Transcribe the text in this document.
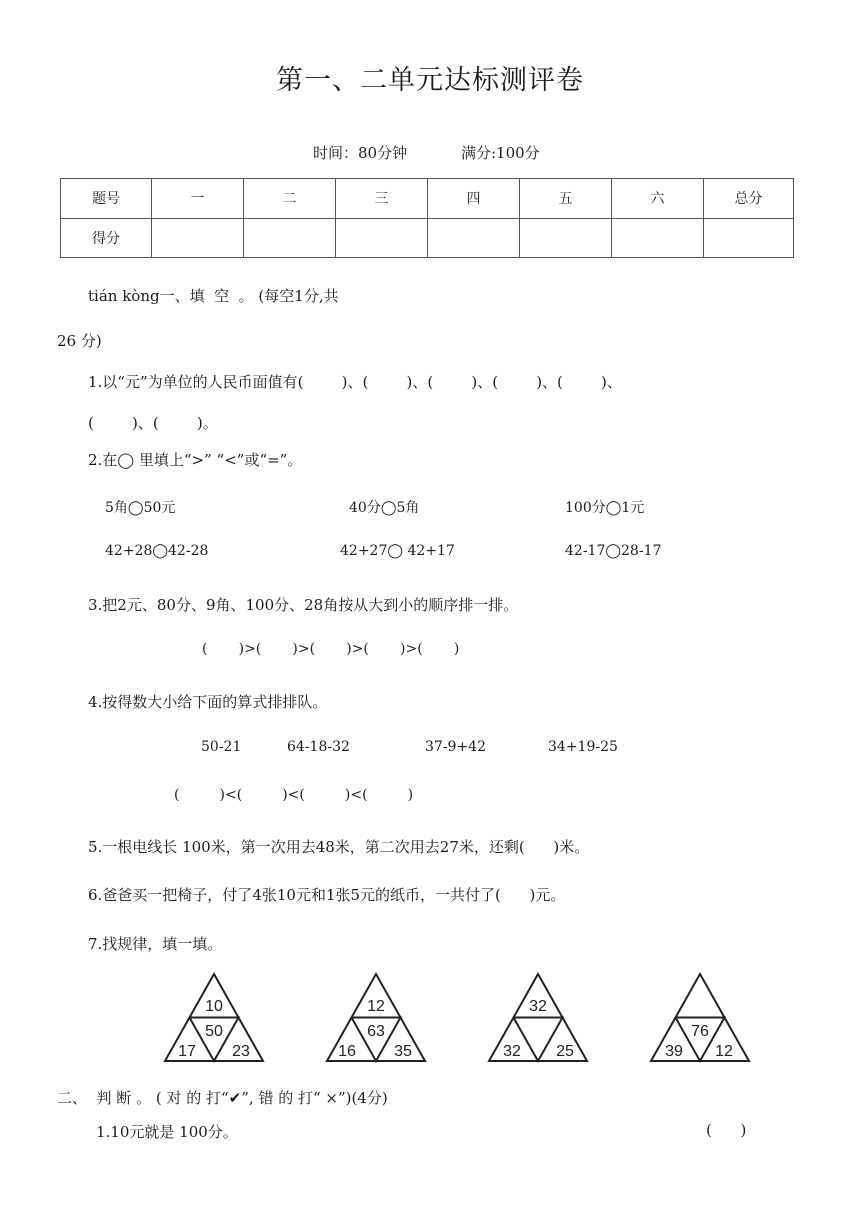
第一、二单元达标测评卷
时间：80分钟	满分:100分
题号	一	二	三	四	五	六	总分
得分							
tián kòng一、填  空  。 (每空1分,共
26 分)
1.以“元”为单位的人民币面值有(        )、(        )、(        )、(        )、(        )、
(        )、(        )。
2.在◯ 里填上“>” “<”或“=”。
5角◯50元	40分◯5角	100分◯1元
42+28◯42-28	42+27◯ 42+17	42-17◯28-17
3.把2元、80分、9角、100分、28角按从大到小的顺序排一排。
(       )>(       )>(       )>(       )>(       )
4.按得数大小给下面的算式排排队。
50-21	64-18-32	37-9+42	34+19-25
(         )<(         )<(         )<(         )
5.一根电线长 100米，第一次用去48米，第二次用去27米，还剩(      )米。
6.爸爸买一把椅子，付了4张10元和1张5元的纸币，一共付了(      )元。
7.找规律，填一填。
10
50
17 23
12
63
16 35
32
32 25
76
39 12
二、  判 断 。 ( 对 的 打“✔”, 错 的 打“ ×”)(4分)
1.10元就是 100分。	(      )
